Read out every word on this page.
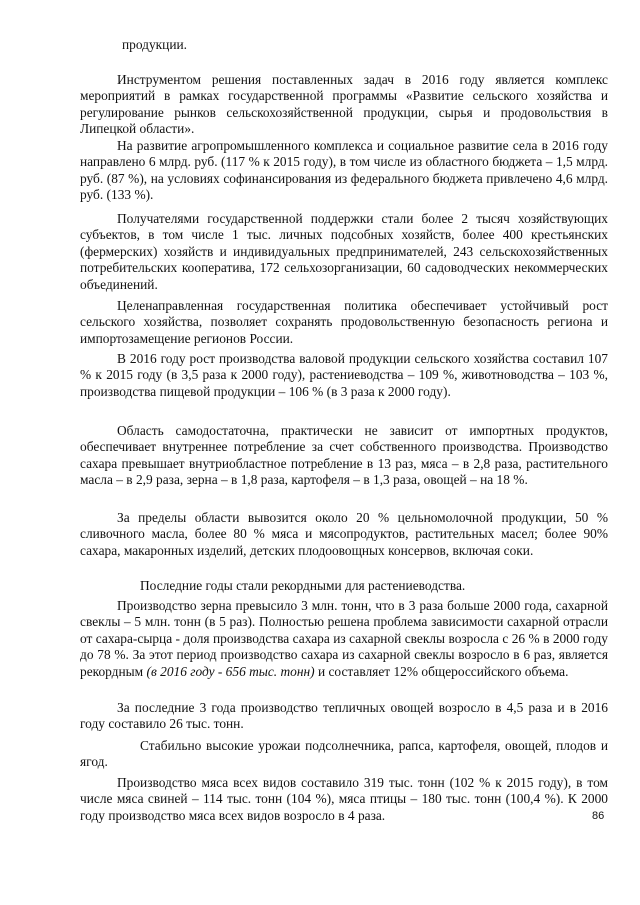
продукции.

Инструментом решения поставленных задач в 2016 году является комплекс мероприятий в рамках государственной программы «Развитие сельского хозяйства и регулирование рынков сельскохозяйственной продукции, сырья и продовольствия в Липецкой области».

На развитие агропромышленного комплекса и социальное развитие села в 2016 году направлено 6 млрд. руб. (117 % к 2015 году), в том числе из областного бюджета – 1,5 млрд. руб. (87 %), на условиях софинансирования из федерального бюджета привлечено 4,6 млрд. руб. (133 %).

Получателями государственной поддержки стали более 2 тысяч хозяйствующих субъектов, в том числе 1 тыс. личных подсобных хозяйств, более 400 крестьянских (фермерских) хозяйств и индивидуальных предпринимателей, 243 сельскохозяйственных потребительских кооператива, 172 сельхозорганизации, 60 садоводческих некоммерческих объединений.

Целенаправленная государственная политика обеспечивает устойчивый рост сельского хозяйства, позволяет сохранять продовольственную безопасность региона и импортозамещение регионов России.

В 2016 году рост производства валовой продукции сельского хозяйства составил 107 % к 2015 году (в 3,5 раза к 2000 году), растениеводства – 109 %, животноводства – 103 %, производства пищевой продукции – 106 % (в 3 раза к 2000 году).

Область самодостаточна, практически не зависит от импортных продуктов, обеспечивает внутреннее потребление за счет собственного производства. Производство сахара превышает внутриобластное потребление в 13 раз, мяса – в 2,8 раза, растительного масла – в 2,9 раза, зерна – в 1,8 раза, картофеля – в 1,3 раза, овощей – на 18 %.

За пределы области вывозится около 20 % цельномолочной продукции, 50 % сливочного масла, более 80 % мяса и мясопродуктов, растительных масел; более 90% сахара, макаронных изделий, детских плодоовощных консервов, включая соки.

Последние годы стали рекордными для растениеводства.

Производство зерна превысило 3 млн. тонн, что в 3 раза больше 2000 года, сахарной свеклы – 5 млн. тонн (в 5 раз). Полностью решена проблема зависимости сахарной отрасли от сахара-сырца - доля производства сахара из сахарной свеклы возросла с 26 % в 2000 году до 78 %. За этот период производство сахара из сахарной свеклы возросло в 6 раз, является рекордным (в 2016 году - 656 тыс. тонн) и составляет 12% общероссийского объема.

За последние 3 года производство тепличных овощей возросло в 4,5 раза и в 2016 году составило 26 тыс. тонн.

Стабильно высокие урожаи подсолнечника, рапса, картофеля, овощей, плодов и ягод.

Производство мяса всех видов составило 319 тыс. тонн (102 % к 2015 году), в том числе мяса свиней – 114 тыс. тонн (104 %), мяса птицы – 180 тыс. тонн (100,4 %). К 2000 году производство мяса всех видов возросло в 4 раза.	86
